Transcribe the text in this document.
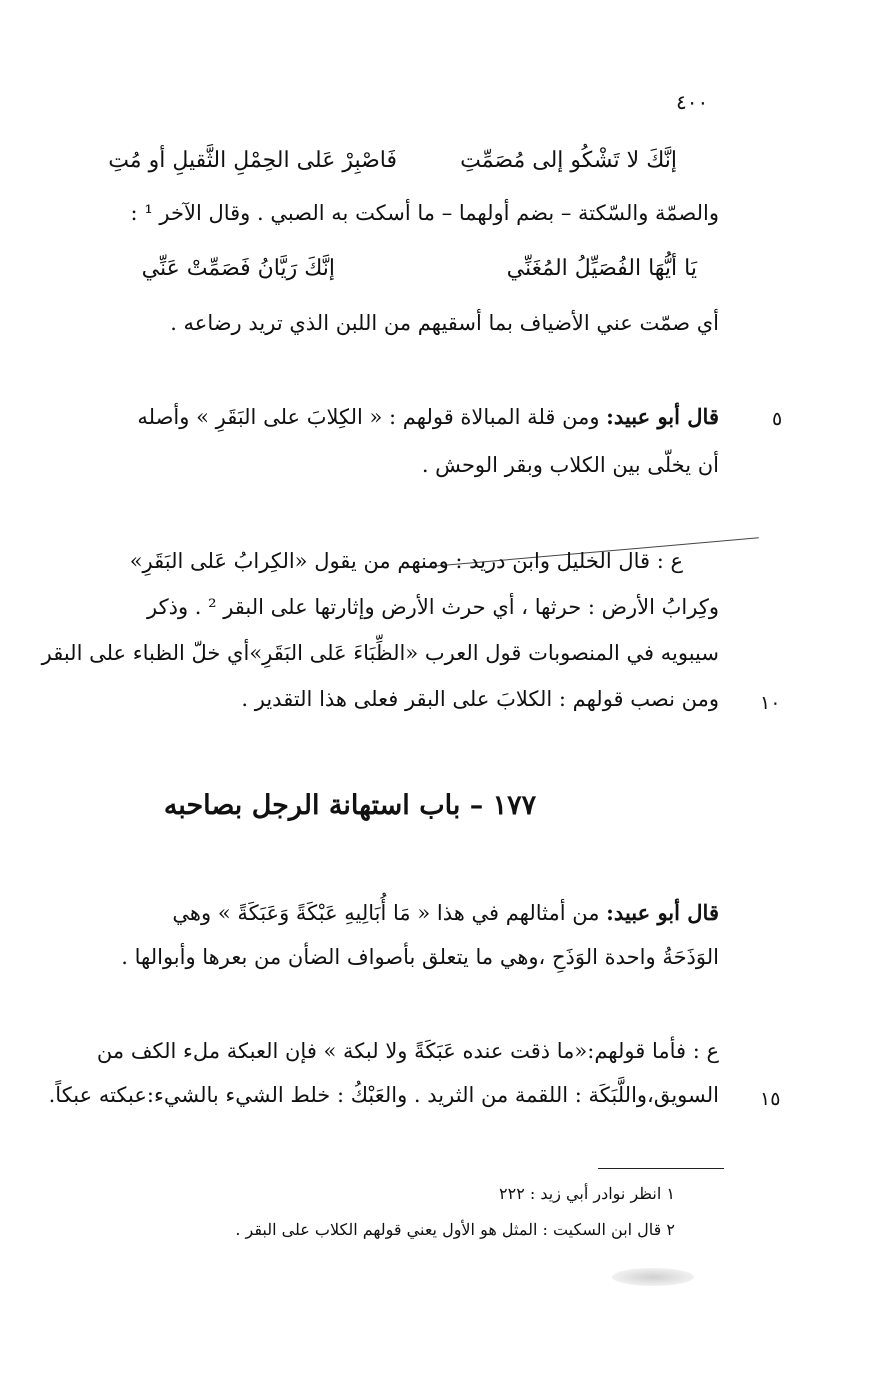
٤٠٠
إنَّكَ لا تَشْكُو إلى مُصَمِّتِ
فَاصْبِرْ عَلى الحِمْلِ الثَّقيلِ أو مُتِ
والصمّة والسّكتة – بضم أولهما – ما أسكت به الصبي . وقال الآخر ¹ :
يَا أيُّهَا الفُصَيِّلُ المُغَنِّي
إنَّكَ رَيَّانُ فَصَمِّتْ عَنِّي
أي صمّت عني الأضياف بما أسقيهم من اللبن الذي تريد رضاعه .
٥
قال أبو عبيد: ومن قلة المبالاة قولهم : « الكِلابَ على البَقَرِ » وأصله
أن يخلّى بين الكلاب وبقر الوحش .
ع : قال الخليل وابن دريد : ومنهم من يقول «الكِرابُ عَلى البَقَرِ»
وكِرابُ الأرض : حرثها ، أي حرث الأرض وإثارتها على البقر ² . وذكر
سيبويه في المنصوبات قول العرب «الظِّبَاءَ عَلى البَقَرِ»أي خلّ الظباء على البقر
١٠
ومن نصب قولهم : الكلابَ على البقر فعلى هذا التقدير .
١٧٧ – باب استهانة الرجل بصاحبه
قال أبو عبيد: من أمثالهم في هذا « مَا أُبَالِيهِ عَبْكَةً وَعَبَكَةً » وهي
الوَذَحَةُ واحدة الوَذَحِ ،وهي ما يتعلق بأصواف الضأن من بعرها وأبوالها .
ع : فأما قولهم:«ما ذقت عنده عَبَكَةً ولا لبكة » فإن العبكة ملء الكف من
١٥
السويق،واللَّبَكَة : اللقمة من الثريد . والعَبْكُ : خلط الشيء بالشيء:عبكته عبكاً.
١ انظر نوادر أبي زيد : ٢٢٢
٢ قال ابن السكيت : المثل هو الأول يعني قولهم الكلاب على البقر .
